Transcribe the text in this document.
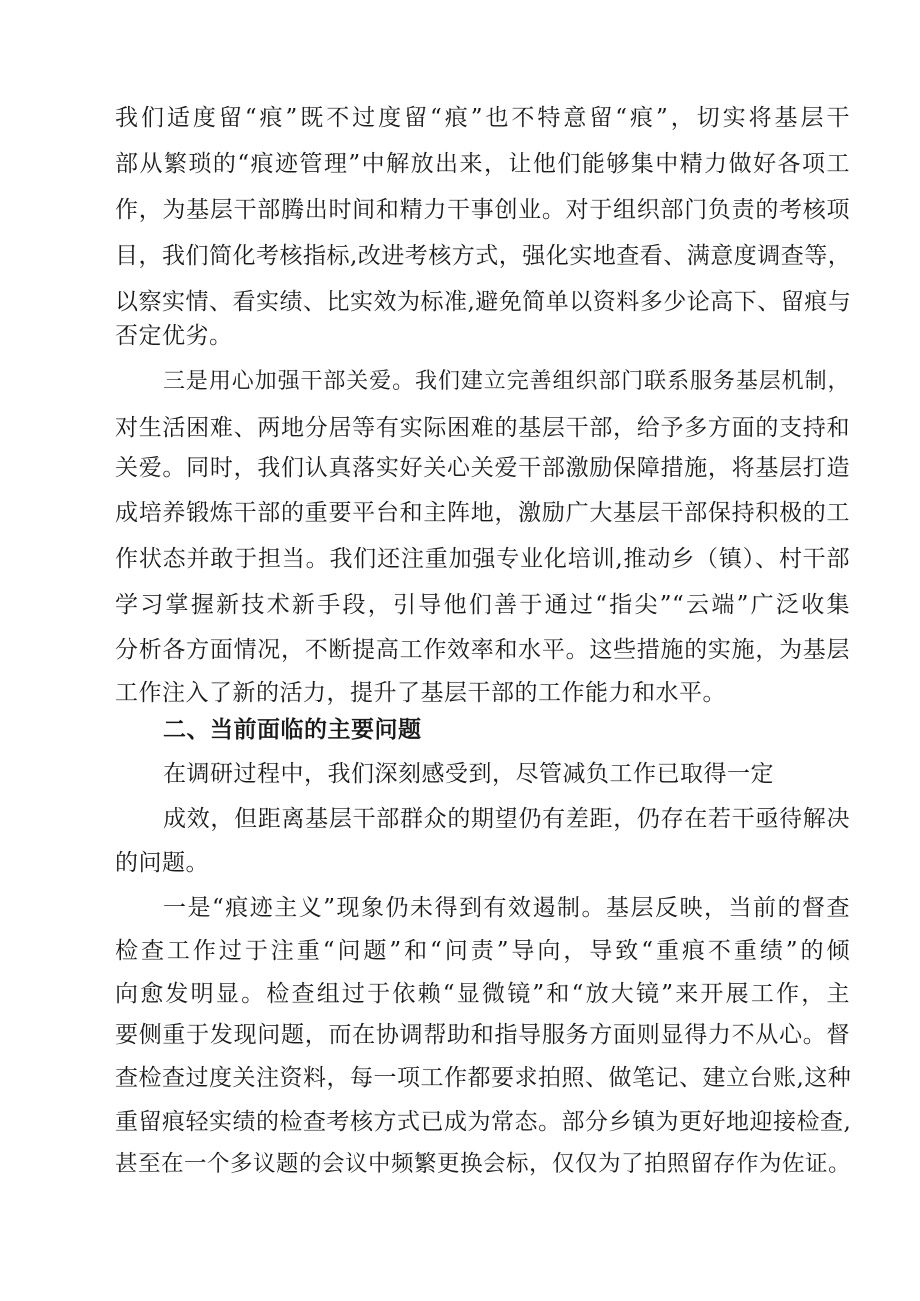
我们适度留“痕”既不过度留“痕”也不特意留“痕”，切实将基层干
部从繁琐的“痕迹管理”中解放出来，让他们能够集中精力做好各项工
作，为基层干部腾出时间和精力干事创业。对于组织部门负责的考核项
目，我们简化考核指标,改进考核方式，强化实地查看、满意度调查等，
以察实情、看实绩、比实效为标准,避免简单以资料多少论高下、留痕与
否定优劣。
三是用心加强干部关爱。我们建立完善组织部门联系服务基层机制，
对生活困难、两地分居等有实际困难的基层干部，给予多方面的支持和
关爱。同时，我们认真落实好关心关爱干部激励保障措施，将基层打造
成培养锻炼干部的重要平台和主阵地，激励广大基层干部保持积极的工
作状态并敢于担当。我们还注重加强专业化培训,推动乡（镇）、村干部
学习掌握新技术新手段，引导他们善于通过“指尖”“云端”广泛收集
分析各方面情况，不断提高工作效率和水平。这些措施的实施，为基层
工作注入了新的活力，提升了基层干部的工作能力和水平。
二、当前面临的主要问题
在调研过程中，我们深刻感受到，尽管减负工作已取得一定
成效，但距离基层干部群众的期望仍有差距，仍存在若干亟待解决
的问题。
一是“痕迹主义”现象仍未得到有效遏制。基层反映，当前的督查
检查工作过于注重“问题”和“问责”导向，导致“重痕不重绩”的倾
向愈发明显。检查组过于依赖“显微镜”和“放大镜”来开展工作，主
要侧重于发现问题，而在协调帮助和指导服务方面则显得力不从心。督
查检查过度关注资料，每一项工作都要求拍照、做笔记、建立台账,这种
重留痕轻实绩的检查考核方式已成为常态。部分乡镇为更好地迎接检查,
甚至在一个多议题的会议中频繁更换会标，仅仅为了拍照留存作为佐证。
